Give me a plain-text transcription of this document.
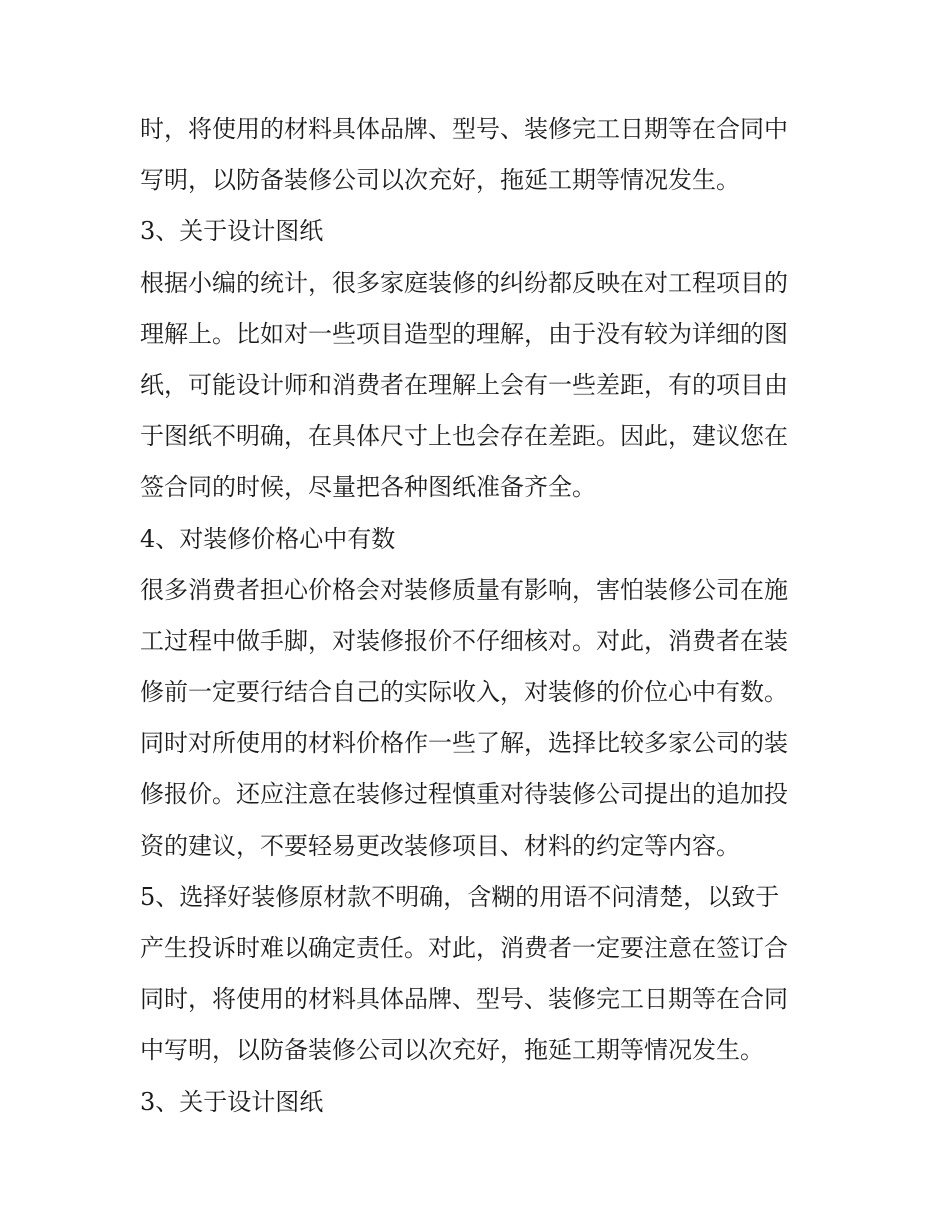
时，将使用的材料具体品牌、型号、装修完工日期等在合同中
写明，以防备装修公司以次充好，拖延工期等情况发生。
3、关于设计图纸
根据小编的统计，很多家庭装修的纠纷都反映在对工程项目的
理解上。比如对一些项目造型的理解，由于没有较为详细的图
纸，可能设计师和消费者在理解上会有一些差距，有的项目由
于图纸不明确，在具体尺寸上也会存在差距。因此，建议您在
签合同的时候，尽量把各种图纸准备齐全。
4、对装修价格心中有数
很多消费者担心价格会对装修质量有影响，害怕装修公司在施
工过程中做手脚，对装修报价不仔细核对。对此，消费者在装
修前一定要行结合自己的实际收入，对装修的价位心中有数。
同时对所使用的材料价格作一些了解，选择比较多家公司的装
修报价。还应注意在装修过程慎重对待装修公司提出的追加投
资的建议，不要轻易更改装修项目、材料的约定等内容。
5、选择好装修原材款不明确，含糊的用语不问清楚，以致于
产生投诉时难以确定责任。对此，消费者一定要注意在签订合
同时，将使用的材料具体品牌、型号、装修完工日期等在合同
中写明，以防备装修公司以次充好，拖延工期等情况发生。
3、关于设计图纸
